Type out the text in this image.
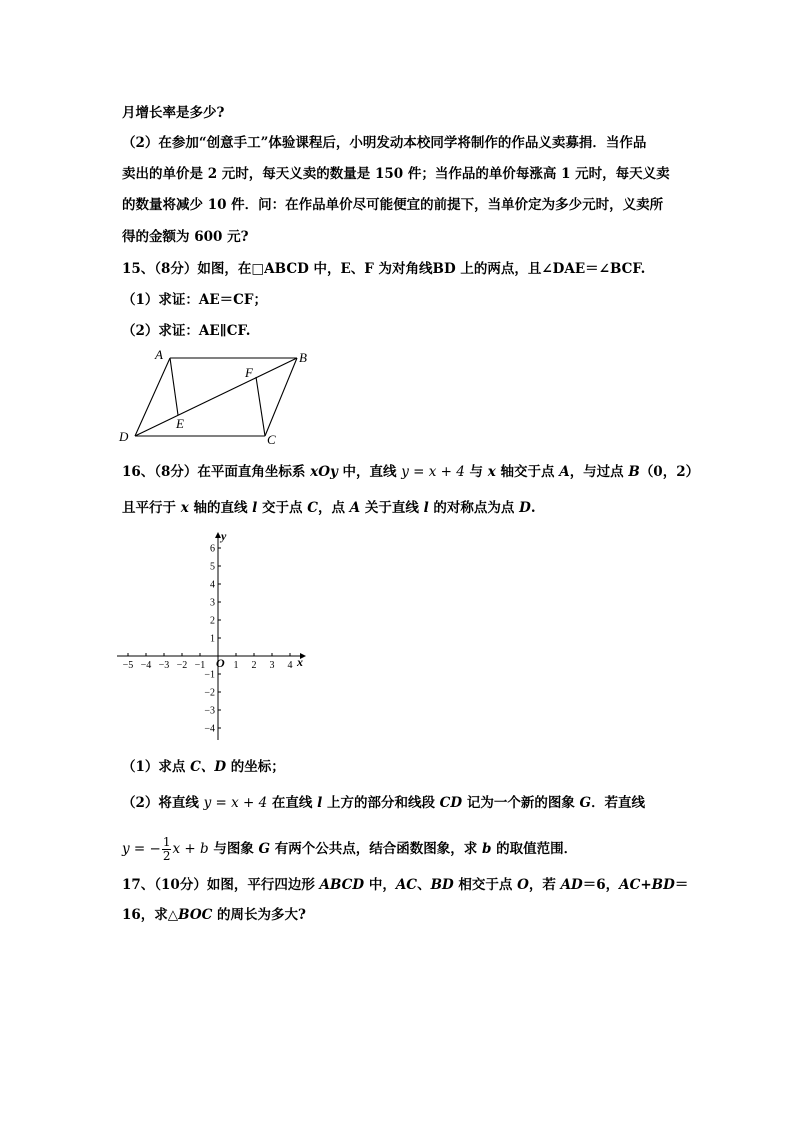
月增长率是多少?
（2）在参加“创意手工”体验课程后，小明发动本校同学将制作的作品义卖募捐．当作品
卖出的单价是 2 元时，每天义卖的数量是 150 件；当作品的单价每涨高 1 元时，每天义卖
的数量将减少 10 件．问：在作品单价尽可能便宜的前提下，当单价定为多少元时，义卖所
得的金额为 600 元?
15、（8分）如图，在□ABCD 中，E、F 为对角线BD 上的两点，且∠DAE＝∠BCF.
（1）求证：AE＝CF；
（2）求证：AE∥CF.
A	B
C
D
E
F
16、（8分）在平面直角坐标系 xOy 中，直线 y = x + 4 与 x 轴交于点 A，与过点 B（0，2）
且平行于 x 轴的直线 l 交于点 C，点 A 关于直线 l 的对称点为点 D.
−5 −4 −3 −2 −1	1 2 3 4
6
5
4
3
2
1
−1
−2
−3
−4
x
y
O
（1）求点 C、D 的坐标；
（2）将直线 y = x + 4 在直线 l 上方的部分和线段 CD 记为一个新的图象 G．若直线
y = − $\frac{1}{2}$ x + b 与图象 G 有两个公共点，结合函数图象，求 b 的取值范围．
17、（10分）如图，平行四边形 ABCD 中，AC、BD 相交于点 O，若 AD＝6，AC+BD＝
16，求△BOC 的周长为多大?
